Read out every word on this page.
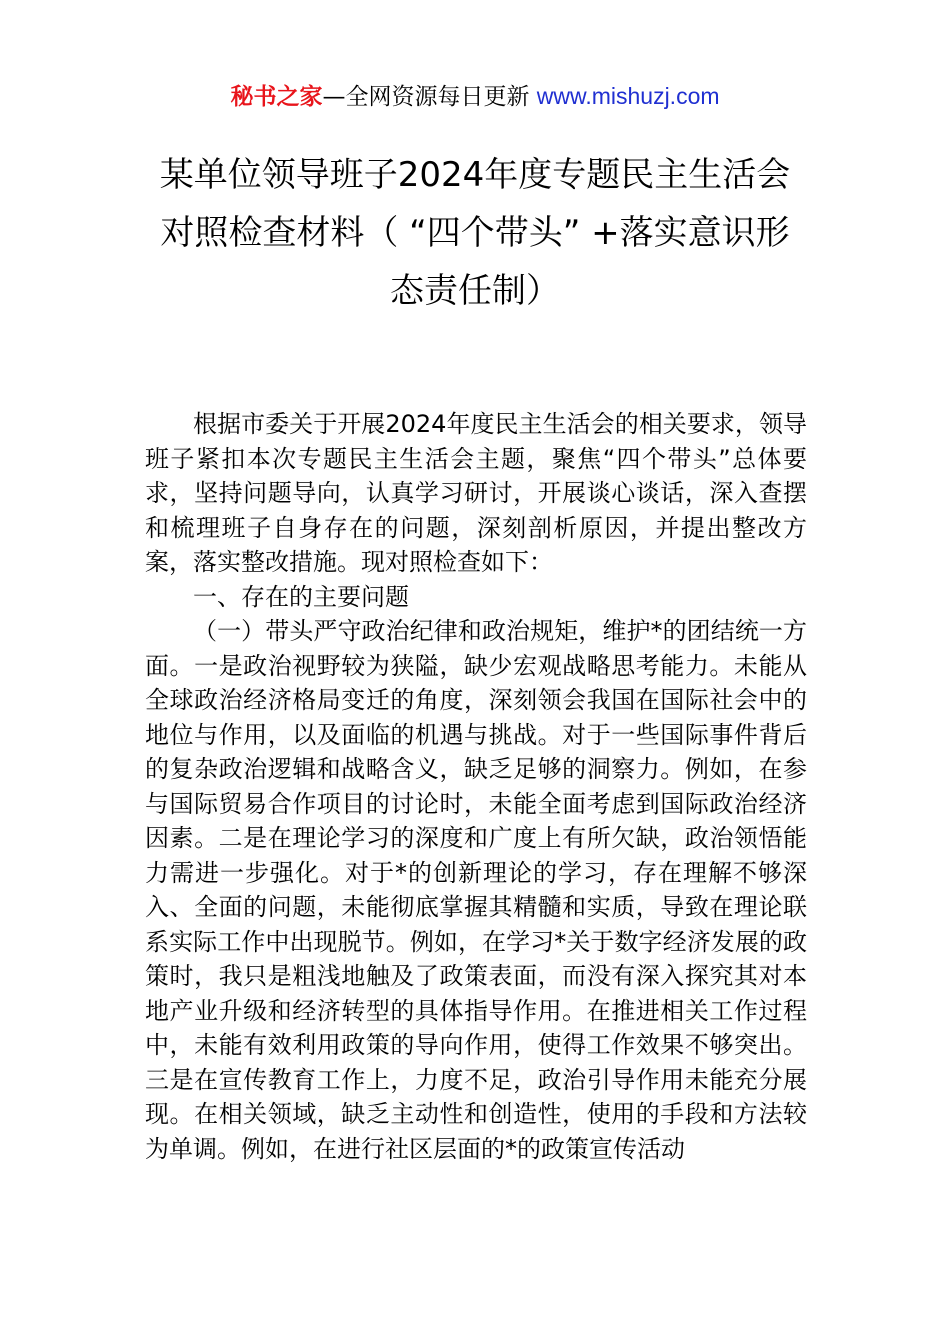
秘书之家—全网资源每日更新 www.mishuzj.com
某单位领导班子2024年度专题民主生活会
对照检查材料（ “四个带头” +落实意识形
态责任制）

根据市委关于开展2024年度民主生活会的相关要求，领导班子紧扣本次专题民主生活会主题，聚焦“四个带头”总体要求，坚持问题导向，认真学习研讨，开展谈心谈话，深入查摆和梳理班子自身存在的问题，深刻剖析原因，并提出整改方案，落实整改措施。现对照检查如下：

一、存在的主要问题

（一）带头严守政治纪律和政治规矩，维护*的团结统一方面。一是政治视野较为狭隘，缺少宏观战略思考能力。未能从全球政治经济格局变迁的角度，深刻领会我国在国际社会中的地位与作用，以及面临的机遇与挑战。对于一些国际事件背后的复杂政治逻辑和战略含义，缺乏足够的洞察力。例如，在参与国际贸易合作项目的讨论时，未能全面考虑到国际政治经济因素。二是在理论学习的深度和广度上有所欠缺，政治领悟能力需进一步强化。对于*的创新理论的学习，存在理解不够深入、全面的问题，未能彻底掌握其精髓和实质，导致在理论联系实际工作中出现脱节。例如，在学习*关于数字经济发展的政策时，我只是粗浅地触及了政策表面，而没有深入探究其对本地产业升级和经济转型的具体指导作用。在推进相关工作过程中，未能有效利用政策的导向作用，使得工作效果不够突出。三是在宣传教育工作上，力度不足，政治引导作用未能充分展现。在相关领域，缺乏主动性和创造性，使用的手段和方法较为单调。例如，在进行社区层面的*的政策宣传活动
